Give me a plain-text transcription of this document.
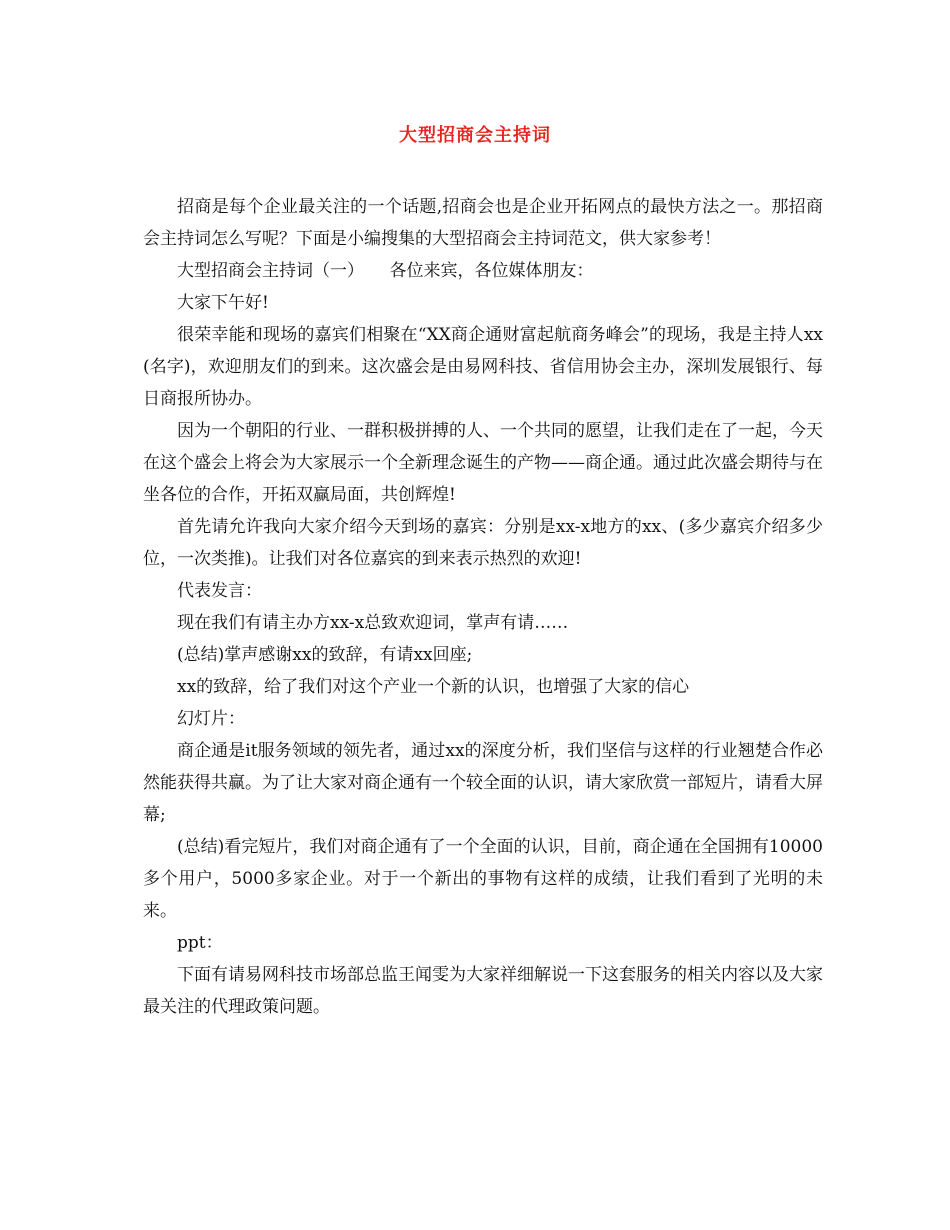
大型招商会主持词

招商是每个企业最关注的一个话题,招商会也是企业开拓网点的最快方法之一。那招商会主持词怎么写呢？下面是小编搜集的大型招商会主持词范文，供大家参考！

大型招商会主持词（一）　　各位来宾，各位媒体朋友：

大家下午好!

很荣幸能和现场的嘉宾们相聚在“XX商企通财富起航商务峰会”的现场，我是主持人xx(名字)，欢迎朋友们的到来。这次盛会是由易网科技、省信用协会主办，深圳发展银行、每日商报所协办。

因为一个朝阳的行业、一群积极拼搏的人、一个共同的愿望，让我们走在了一起，今天在这个盛会上将会为大家展示一个全新理念诞生的产物——商企通。通过此次盛会期待与在坐各位的合作，开拓双赢局面，共创辉煌!

首先请允许我向大家介绍今天到场的嘉宾：分别是xx-x地方的xx、(多少嘉宾介绍多少位，一次类推)。让我们对各位嘉宾的到来表示热烈的欢迎!

代表发言：

现在我们有请主办方xx-x总致欢迎词，掌声有请……

(总结)掌声感谢xx的致辞，有请xx回座;

xx的致辞，给了我们对这个产业一个新的认识，也增强了大家的信心

幻灯片：

商企通是it服务领域的领先者，通过xx的深度分析，我们坚信与这样的行业翘楚合作必然能获得共赢。为了让大家对商企通有一个较全面的认识，请大家欣赏一部短片，请看大屏幕;

(总结)看完短片，我们对商企通有了一个全面的认识，目前，商企通在全国拥有10000多个用户，5000多家企业。对于一个新出的事物有这样的成绩，让我们看到了光明的未来。

ppt：

下面有请易网科技市场部总监王闻雯为大家祥细解说一下这套服务的相关内容以及大家最关注的代理政策问题。
